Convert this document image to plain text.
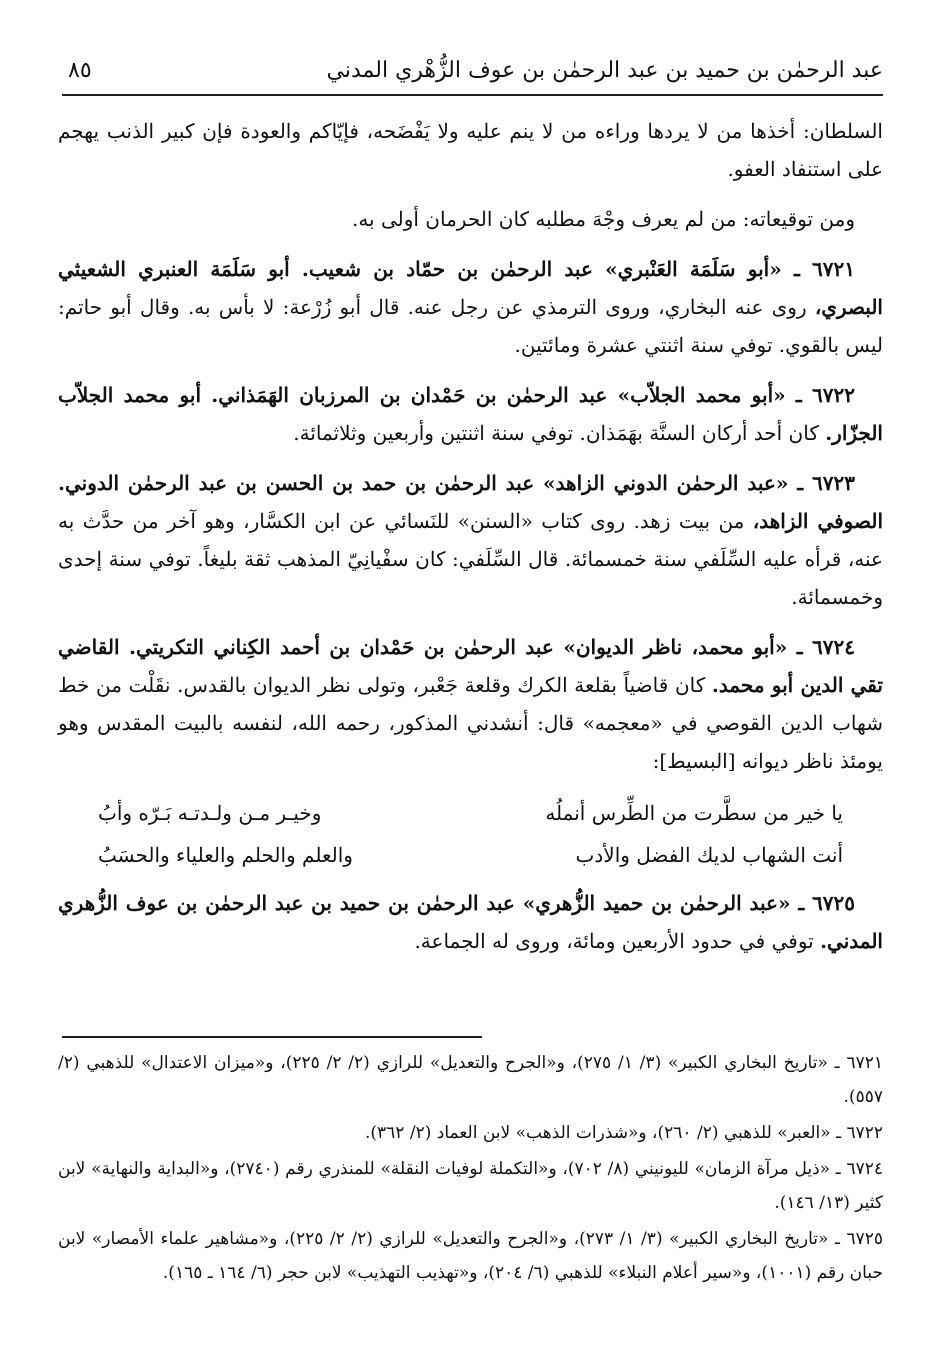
عبد الرحمٰن بن حميد بن عبد الرحمٰن بن عوف الزُّهْري المدني
٨٥

السلطان: أخذها من لا يردها وراءه من لا ينم عليه ولا يَفْضَحه، فإيّاكم والعودة فإن كبير الذنب يهجم على استنفاد العفو.

ومن توقيعاته: من لم يعرف وجْهَ مطلبه كان الحرمان أولى به.

٦٧٢١ ـ «أبو سَلَمَة العَنْبري» عبد الرحمٰن بن حمّاد بن شعيب. أبو سَلَمَة العنبري الشعيثي البصري، روى عنه البخاري، وروى الترمذي عن رجل عنه. قال أبو زُرْعة: لا بأس به. وقال أبو حاتم: ليس بالقوي. توفي سنة اثنتي عشرة ومائتين.

٦٧٢٢ ـ «أبو محمد الجلاّب» عبد الرحمٰن بن حَمْدان بن المرزبان الهَمَذاني. أبو محمد الجلاّب الجزّار. كان أحد أركان السنَّة بهَمَذان. توفي سنة اثنتين وأربعين وثلاثمائة.

٦٧٢٣ ـ «عبد الرحمٰن الدوني الزاهد» عبد الرحمٰن بن حمد بن الحسن بن عبد الرحمٰن الدوني. الصوفي الزاهد، من بيت زهد. روى كتاب «السنن» للنَسائي عن ابن الكسَّار، وهو آخر من حدَّث به عنه، قرأه عليه السِّلَفي سنة خمسمائة. قال السِّلَفي: كان سفْيانِيّ المذهب ثقة بليغاً. توفي سنة إحدى وخمسمائة.

٦٧٢٤ ـ «أبو محمد، ناظر الديوان» عبد الرحمٰن بن حَمْدان بن أحمد الكِناني التكريتي. القاضي تقي الدين أبو محمد. كان قاضياً بقلعة الكرك وقلعة جَعْبر، وتولى نظر الديوان بالقدس. نقَلْت من خط شهاب الدين القوصي في «معجمه» قال: أنشدني المذكور، رحمه الله، لنفسه بالبيت المقدس وهو يومئذ ناظر ديوانه [البسيط]:

يا خير من سطَّرت من الطِّرس أنملُه
وخيـر مـن ولـدتـه بَـرّه وأبُ
أنت الشهاب لديك الفضل والأدب
والعلم والحلم والعلياء والحسَبُ

٦٧٢٥ ـ «عبد الرحمٰن بن حميد الزُّهري» عبد الرحمٰن بن حميد بن عبد الرحمٰن بن عوف الزُّهري المدني. توفي في حدود الأربعين ومائة، وروى له الجماعة.

٦٧٢١ ـ «تاريخ البخاري الكبير» (٣/ ١/ ٢٧٥)، و«الجرح والتعديل» للرازي (٢/ ٢/ ٢٢٥)، و«ميزان الاعتدال» للذهبي (٢/ ٥٥٧).

٦٧٢٢ ـ «العبر» للذهبي (٢/ ٢٦٠)، و«شذرات الذهب» لابن العماد (٢/ ٣٦٢).

٦٧٢٤ ـ «ذيل مرآة الزمان» لليونيني (٨/ ٧٠٢)، و«التكملة لوفيات النقلة» للمنذري رقم (٢٧٤٠)، و«البداية والنهاية» لابن كثير (١٣/ ١٤٦).

٦٧٢٥ ـ «تاريخ البخاري الكبير» (٣/ ١/ ٢٧٣)، و«الجرح والتعديل» للرازي (٢/ ٢/ ٢٢٥)، و«مشاهير علماء الأمصار» لابن حبان رقم (١٠٠١)، و«سير أعلام النبلاء» للذهبي (٦/ ٢٠٤)، و«تهذيب التهذيب» لابن حجر (٦/ ١٦٤ ـ ١٦٥).
